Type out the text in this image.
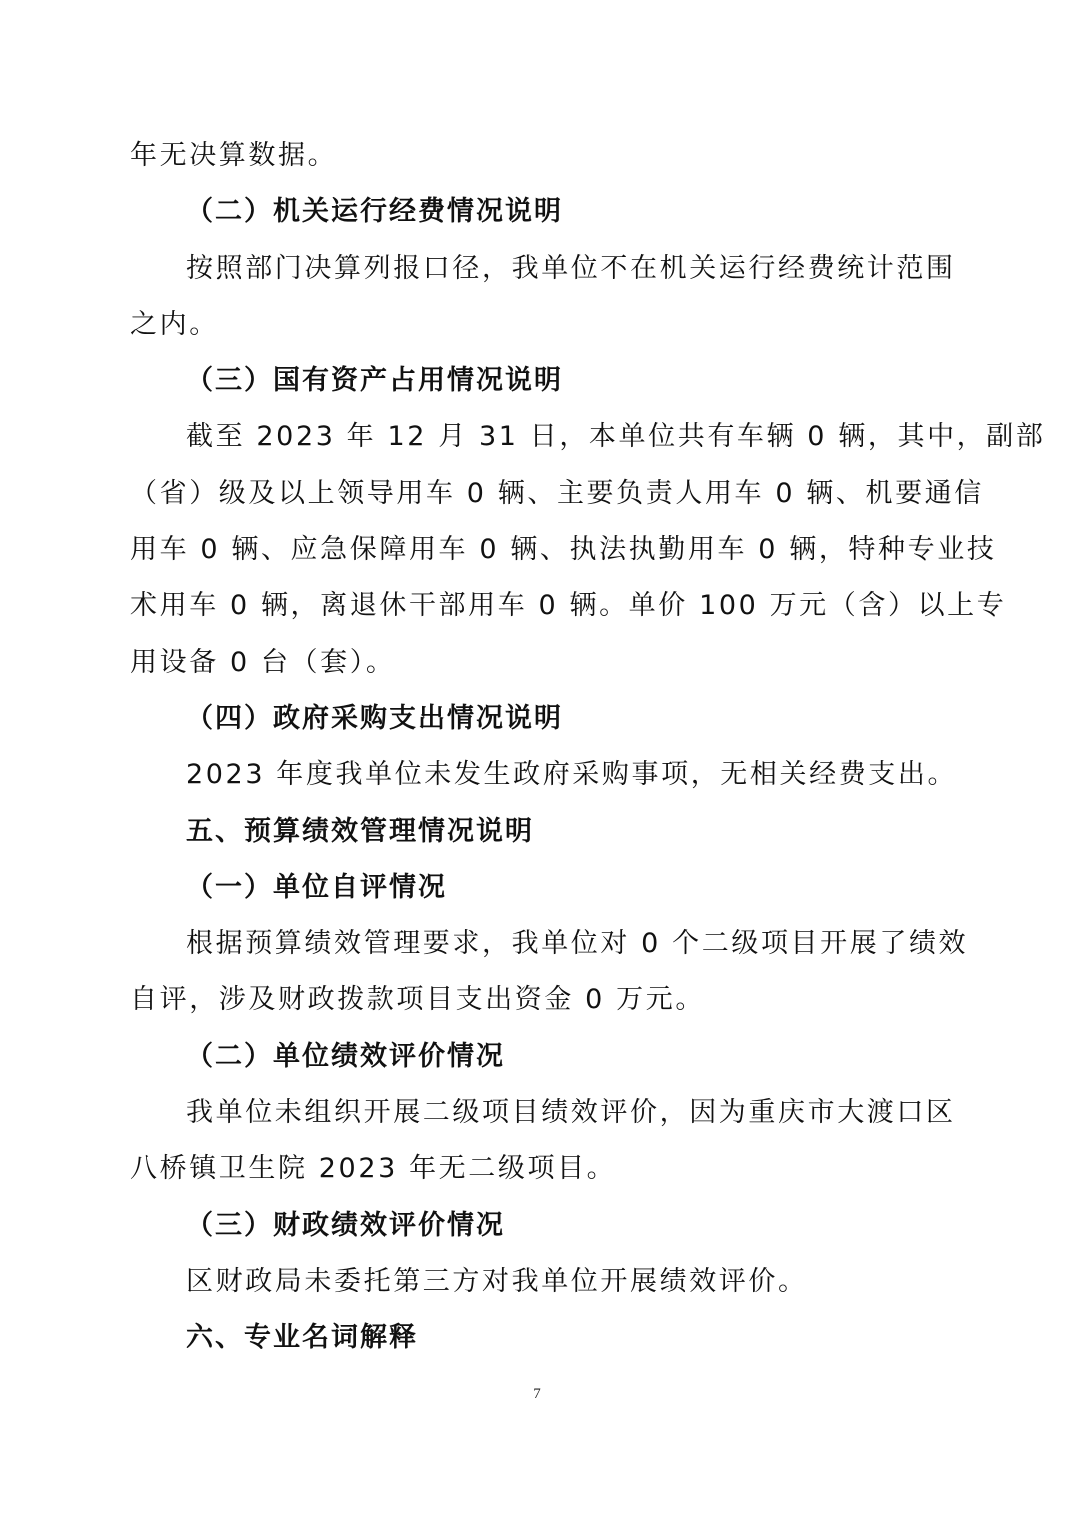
年无决算数据。
（二）机关运行经费情况说明
按照部门决算列报口径，我单位不在机关运行经费统计范围
之内。
（三）国有资产占用情况说明
截至 2023 年 12 月 31 日，本单位共有车辆 0 辆，其中，副部
（省）级及以上领导用车 0 辆、主要负责人用车 0 辆、机要通信
用车 0 辆、应急保障用车 0 辆、执法执勤用车 0 辆，特种专业技
术用车 0 辆，离退休干部用车 0 辆。单价 100 万元（含）以上专
用设备 0 台（套）。
（四）政府采购支出情况说明
2023 年度我单位未发生政府采购事项，无相关经费支出。
五、预算绩效管理情况说明
（一）单位自评情况
根据预算绩效管理要求，我单位对 0 个二级项目开展了绩效
自评，涉及财政拨款项目支出资金 0 万元。
（二）单位绩效评价情况
我单位未组织开展二级项目绩效评价，因为重庆市大渡口区
八桥镇卫生院 2023 年无二级项目。
（三）财政绩效评价情况
区财政局未委托第三方对我单位开展绩效评价。
六、专业名词解释
7
